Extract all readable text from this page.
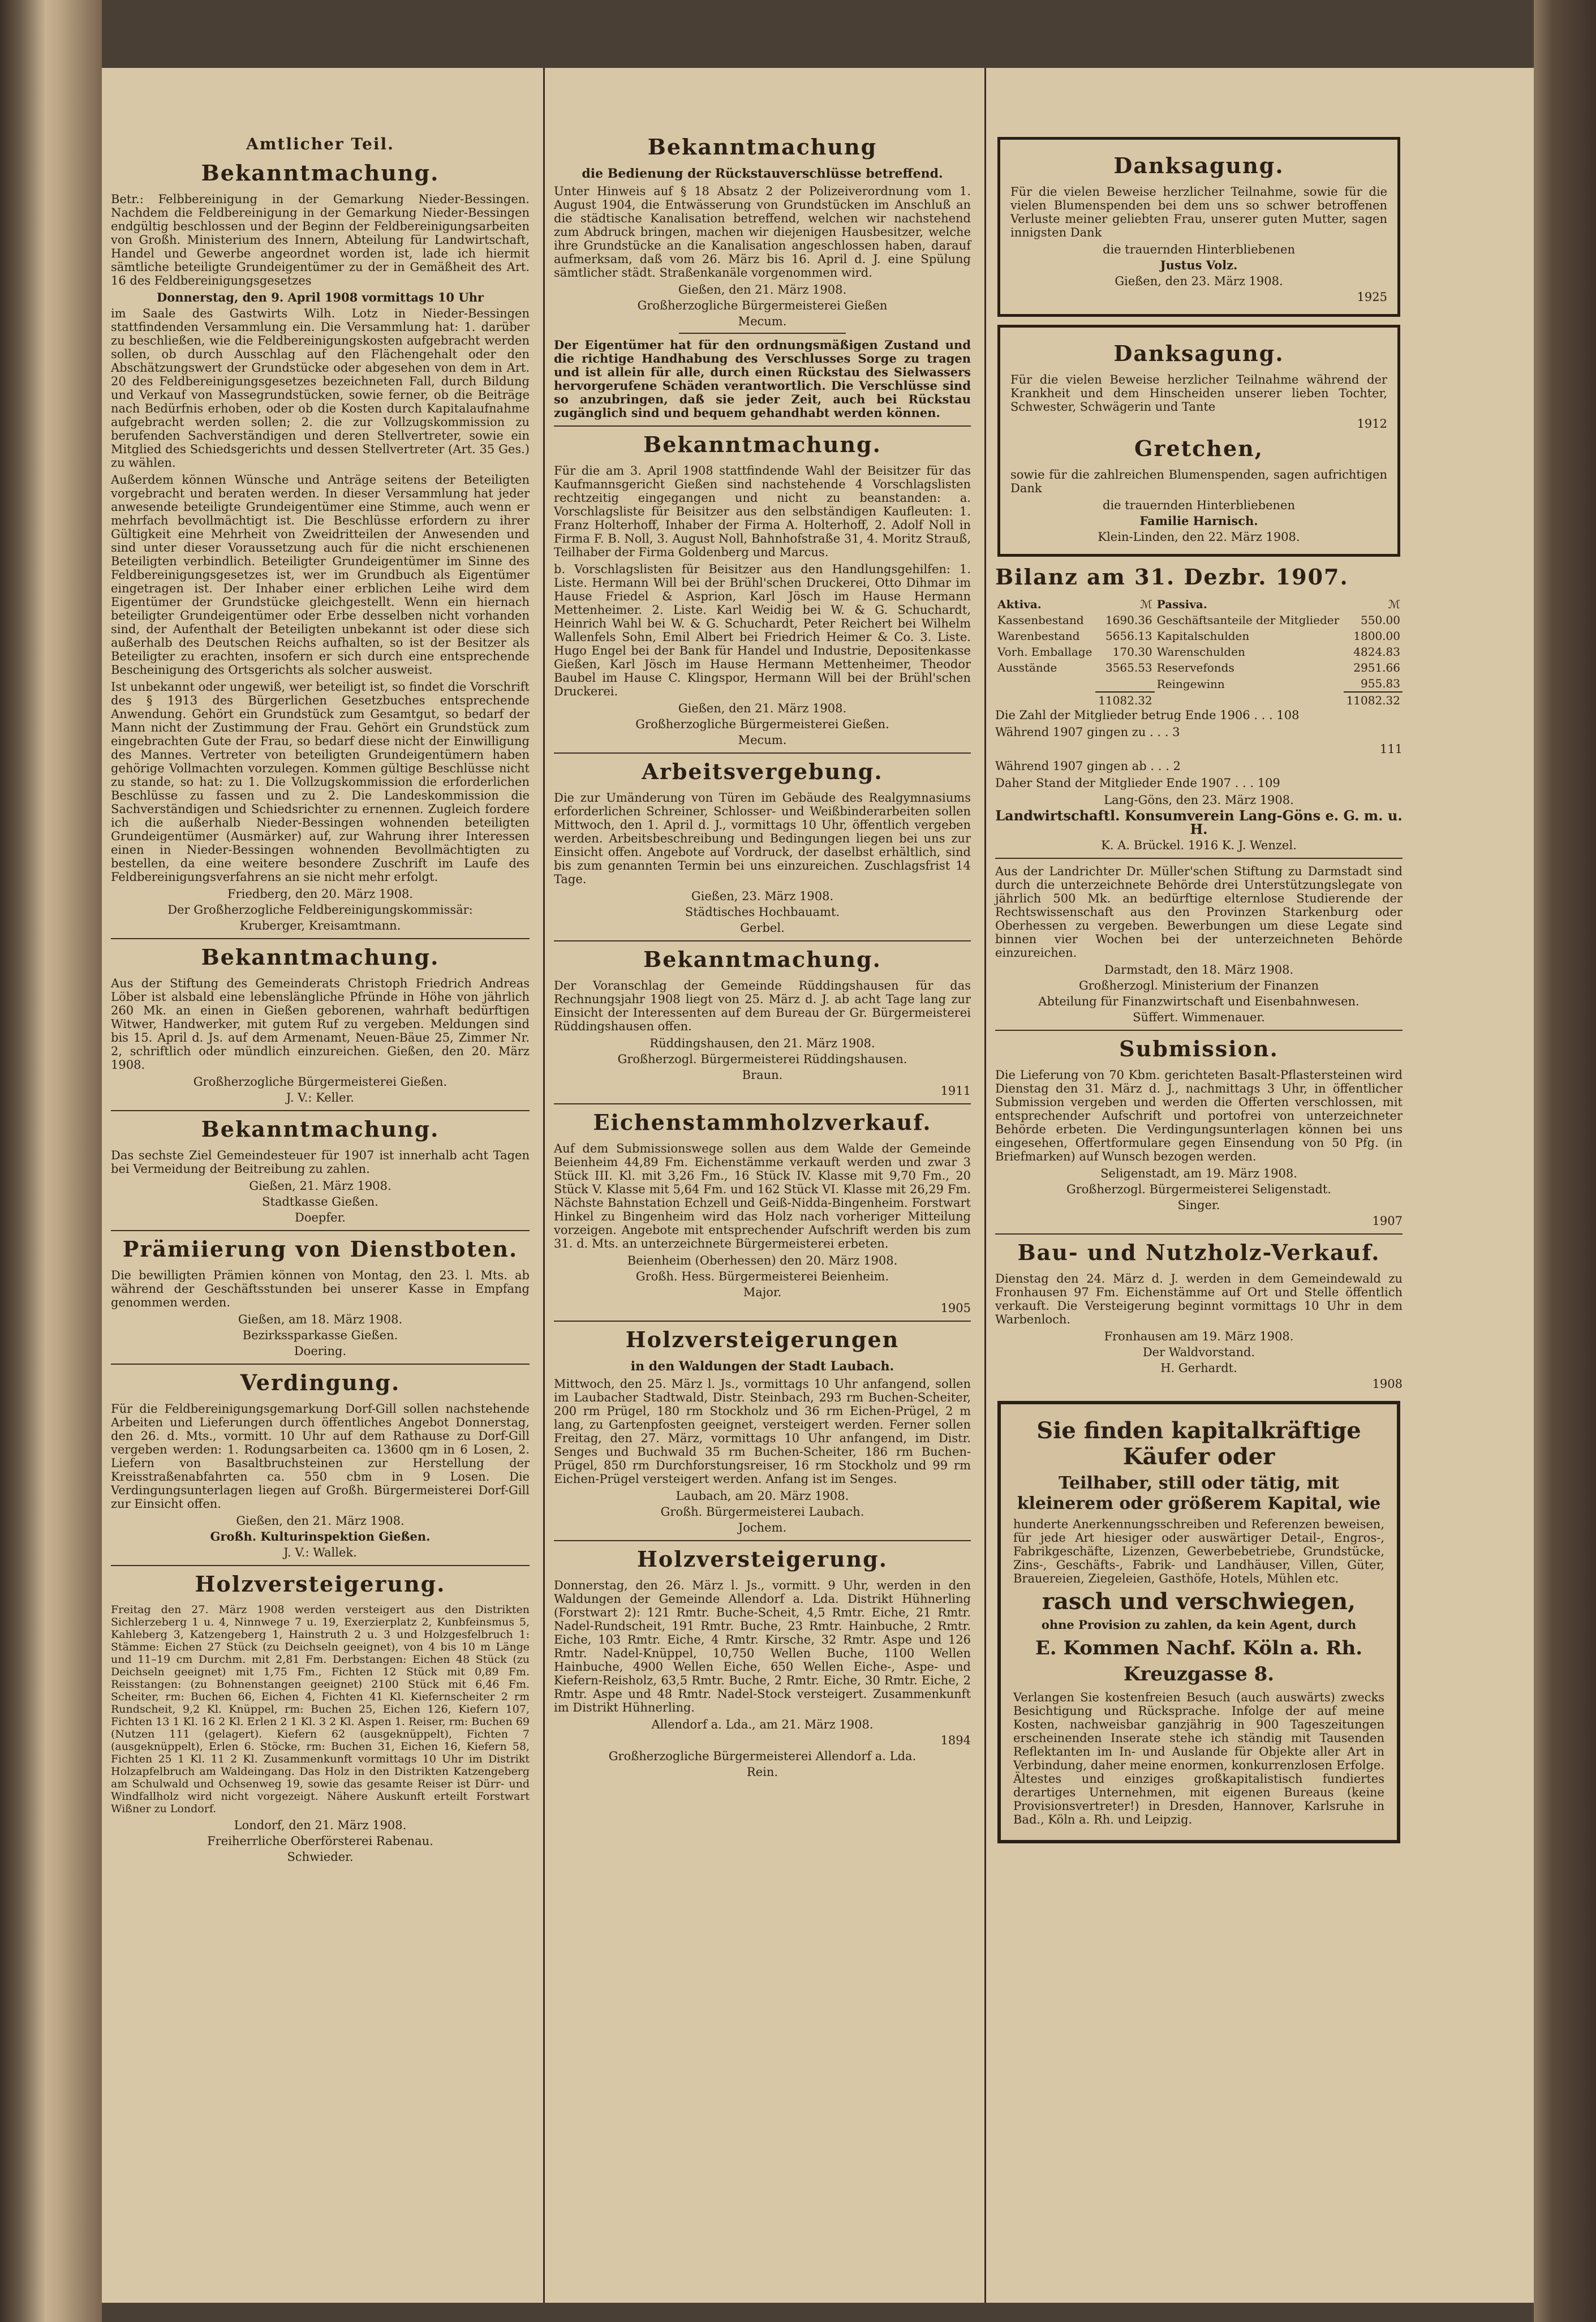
Amtlicher Teil.
Bekanntmachung.

Betr.: Felbbereinigung in der Gemarkung Nieder-Bessingen. Nachdem die Feldbereinigung in der Gemarkung Nieder-Bessingen endgültig beschlossen und der Beginn der Feldbereinigungsarbeiten von Großh. Ministerium des Innern, Abteilung für Landwirtschaft, Handel und Gewerbe angeordnet worden ist, lade ich hiermit sämtliche beteiligte Grundeigentümer zu der in Gemäßheit des Art. 16 des Feldbereinigungsgesetzes

Donnerstag, den 9. April 1908 vormittags 10 Uhr

im Saale des Gastwirts Wilh. Lotz in Nieder-Bessingen stattfindenden Versammlung ein. Die Versammlung hat: 1. darüber zu beschließen, wie die Feldbereinigungskosten aufgebracht werden sollen, ob durch Ausschlag auf den Flächengehalt oder den Abschätzungswert der Grundstücke oder abgesehen von dem in Art. 20 des Feldbereinigungsgesetzes bezeichneten Fall, durch Bildung und Verkauf von Massegrundstücken, sowie ferner, ob die Beiträge nach Bedürfnis erhoben, oder ob die Kosten durch Kapitalaufnahme aufgebracht werden sollen; 2. die zur Vollzugskommission zu berufenden Sachverständigen und deren Stellvertreter, sowie ein Mitglied des Schiedsgerichts und dessen Stellvertreter (Art. 35 Ges.) zu wählen.

Außerdem können Wünsche und Anträge seitens der Beteiligten vorgebracht und beraten werden. In dieser Versammlung hat jeder anwesende beteiligte Grundeigentümer eine Stimme, auch wenn er mehrfach bevollmächtigt ist. Die Beschlüsse erfordern zu ihrer Gültigkeit eine Mehrheit von Zweidritteilen der Anwesenden und sind unter dieser Voraussetzung auch für die nicht erschienenen Beteiligten verbindlich. Beteiligter Grundeigentümer im Sinne des Feldbereinigungsgesetzes ist, wer im Grundbuch als Eigentümer eingetragen ist. Der Inhaber einer erblichen Leihe wird dem Eigentümer der Grundstücke gleichgestellt. Wenn ein hiernach beteiligter Grundeigentümer oder Erbe desselben nicht vorhanden sind, der Aufenthalt der Beteiligten unbekannt ist oder diese sich außerhalb des Deutschen Reichs aufhalten, so ist der Besitzer als Beteiligter zu erachten, insofern er sich durch eine entsprechende Bescheinigung des Ortsgerichts als solcher ausweist.

Ist unbekannt oder ungewiß, wer beteiligt ist, so findet die Vorschrift des § 1913 des Bürgerlichen Gesetzbuches entsprechende Anwendung. Gehört ein Grundstück zum Gesamtgut, so bedarf der Mann nicht der Zustimmung der Frau. Gehört ein Grundstück zum eingebrachten Gute der Frau, so bedarf diese nicht der Einwilligung des Mannes. Vertreter von beteiligten Grundeigentümern haben gehörige Vollmachten vorzulegen. Kommen gültige Beschlüsse nicht zu stande, so hat: zu 1. Die Vollzugskommission die erforderlichen Beschlüsse zu fassen und zu 2. Die Landeskommission die Sachverständigen und Schiedsrichter zu ernennen. Zugleich fordere ich die außerhalb Nieder-Bessingen wohnenden beteiligten Grundeigentümer (Ausmärker) auf, zur Wahrung ihrer Interessen einen in Nieder-Bessingen wohnenden Bevollmächtigten zu bestellen, da eine weitere besondere Zuschrift im Laufe des Feldbereinigungsverfahrens an sie nicht mehr erfolgt.

Friedberg, den 20. März 1908.
Der Großherzogliche Feldbereinigungskommissär:
Kruberger, Kreisamtmann.
Bekanntmachung.

Aus der Stiftung des Gemeinderats Christoph Friedrich Andreas Löber ist alsbald eine lebenslängliche Pfründe in Höhe von jährlich 260 Mk. an einen in Gießen geborenen, wahrhaft bedürftigen Witwer, Handwerker, mit gutem Ruf zu vergeben. Meldungen sind bis 15. April d. Js. auf dem Armenamt, Neuen-Bäue 25, Zimmer Nr. 2, schriftlich oder mündlich einzureichen. Gießen, den 20. März 1908.

Großherzogliche Bürgermeisterei Gießen.
J. V.: Keller.
Bekanntmachung.

Das sechste Ziel Gemeindesteuer für 1907 ist innerhalb acht Tagen bei Vermeidung der Beitreibung zu zahlen.

Gießen, 21. März 1908.
Stadtkasse Gießen.
Doepfer.
Prämiierung von Dienstboten.

Die bewilligten Prämien können von Montag, den 23. l. Mts. ab während der Geschäftsstunden bei unserer Kasse in Empfang genommen werden.

Gießen, am 18. März 1908.
Bezirkssparkasse Gießen.
Doering.
Verdingung.

Für die Feldbereinigungsgemarkung Dorf-Gill sollen nachstehende Arbeiten und Lieferungen durch öffentliches Angebot Donnerstag, den 26. d. Mts., vormitt. 10 Uhr auf dem Rathause zu Dorf-Gill vergeben werden: 1. Rodungsarbeiten ca. 13600 qm in 6 Losen, 2. Liefern von Basaltbruchsteinen zur Herstellung der Kreisstraßenabfahrten ca. 550 cbm in 9 Losen. Die Verdingungsunterlagen liegen auf Großh. Bürgermeisterei Dorf-Gill zur Einsicht offen.

Gießen, den 21. März 1908.
Großh. Kulturinspektion Gießen.
J. V.: Wallek.
Holzversteigerung.

Freitag den 27. März 1908 werden versteigert aus den Distrikten Sichlerzeberg 1 u. 4, Ninnwege 7 u. 19, Exerzierplatz 2, Kunbfeinsmus 5, Kahleberg 3, Katzengeberg 1, Hainstruth 2 u. 3 und Holzgesfelbruch 1: Stämme: Eichen 27 Stück (zu Deichseln geeignet), von 4 bis 10 m Länge und 11–19 cm Durchm. mit 2,81 Fm. Derbstangen: Eichen 48 Stück (zu Deichseln geeignet) mit 1,75 Fm., Fichten 12 Stück mit 0,89 Fm. Reisstangen: (zu Bohnenstangen geeignet) 2100 Stück mit 6,46 Fm. Scheiter, rm: Buchen 66, Eichen 4, Fichten 41 Kl. Kiefernscheiter 2 rm Rundscheit, 9,2 Kl. Knüppel, rm: Buchen 25, Eichen 126, Kiefern 107, Fichten 13 1 Kl. 16 2 Kl. Erlen 2 1 Kl. 3 2 Kl. Aspen 1. Reiser, rm: Buchen 69 (Nutzen 111 (gelagert). Kiefern 62 (ausgeknüppelt), Fichten 7 (ausgeknüppelt), Erlen 6. Stöcke, rm: Buchen 31, Eichen 16, Kiefern 58, Fichten 25 1 Kl. 11 2 Kl. Zusammenkunft vormittags 10 Uhr im Distrikt Holzapfelbruch am Waldeingang. Das Holz in den Distrikten Katzengeberg am Schulwald und Ochsenweg 19, sowie das gesamte Reiser ist Dürr- und Windfallholz wird nicht vorgezeigt. Nähere Auskunft erteilt Forstwart Wißner zu Londorf.

Londorf, den 21. März 1908.
Freiherrliche Oberförsterei Rabenau.
Schwieder.
Bekanntmachung
die Bedienung der Rückstauverschlüsse betreffend.

Unter Hinweis auf § 18 Absatz 2 der Polizeiverordnung vom 1. August 1904, die Entwässerung von Grundstücken im Anschluß an die städtische Kanalisation betreffend, welchen wir nachstehend zum Abdruck bringen, machen wir diejenigen Hausbesitzer, welche ihre Grundstücke an die Kanalisation angeschlossen haben, darauf aufmerksam, daß vom 26. März bis 16. April d. J. eine Spülung sämtlicher städt. Straßenkanäle vorgenommen wird.

Gießen, den 21. März 1908.
Großherzogliche Bürgermeisterei Gießen
Mecum.

Der Eigentümer hat für den ordnungsmäßigen Zustand und die richtige Handhabung des Verschlusses Sorge zu tragen und ist allein für alle, durch einen Rückstau des Sielwassers hervorgerufene Schäden verantwortlich. Die Verschlüsse sind so anzubringen, daß sie jeder Zeit, auch bei Rückstau zugänglich sind und bequem gehandhabt werden können.

Bekanntmachung.

Für die am 3. April 1908 stattfindende Wahl der Beisitzer für das Kaufmannsgericht Gießen sind nachstehende 4 Vorschlagslisten rechtzeitig eingegangen und nicht zu beanstanden: a. Vorschlagsliste für Beisitzer aus den selbständigen Kaufleuten: 1. Franz Holterhoff, Inhaber der Firma A. Holterhoff, 2. Adolf Noll in Firma F. B. Noll, 3. August Noll, Bahnhofstraße 31, 4. Moritz Strauß, Teilhaber der Firma Goldenberg und Marcus.

b. Vorschlagslisten für Beisitzer aus den Handlungsgehilfen: 1. Liste. Hermann Will bei der Brühl'schen Druckerei, Otto Dihmar im Hause Friedel & Asprion, Karl Jösch im Hause Hermann Mettenheimer. 2. Liste. Karl Weidig bei W. & G. Schuchardt, Heinrich Wahl bei W. & G. Schuchardt, Peter Reichert bei Wilhelm Wallenfels Sohn, Emil Albert bei Friedrich Heimer & Co. 3. Liste. Hugo Engel bei der Bank für Handel und Industrie, Depositenkasse Gießen, Karl Jösch im Hause Hermann Mettenheimer, Theodor Baubel im Hause C. Klingspor, Hermann Will bei der Brühl'schen Druckerei.

Gießen, den 21. März 1908.
Großherzogliche Bürgermeisterei Gießen.
Mecum.
Arbeitsvergebung.

Die zur Umänderung von Türen im Gebäude des Realgymnasiums erforderlichen Schreiner, Schlosser- und Weißbinderarbeiten sollen Mittwoch, den 1. April d. J., vormittags 10 Uhr, öffentlich vergeben werden. Arbeitsbeschreibung und Bedingungen liegen bei uns zur Einsicht offen. Angebote auf Vordruck, der daselbst erhältlich, sind bis zum genannten Termin bei uns einzureichen. Zuschlagsfrist 14 Tage.

Gießen, 23. März 1908.
Städtisches Hochbauamt.
Gerbel.
Bekanntmachung.

Der Voranschlag der Gemeinde Rüddingshausen für das Rechnungsjahr 1908 liegt von 25. März d. J. ab acht Tage lang zur Einsicht der Interessenten auf dem Bureau der Gr. Bürgermeisterei Rüddingshausen offen.

Rüddingshausen, den 21. März 1908.
Großherzogl. Bürgermeisterei Rüddingshausen.
Braun.
1911
Eichenstammholzverkauf.

Auf dem Submissionswege sollen aus dem Walde der Gemeinde Beienheim 44,89 Fm. Eichenstämme verkauft werden und zwar 3 Stück III. Kl. mit 3,26 Fm., 16 Stück IV. Klasse mit 9,70 Fm., 20 Stück V. Klasse mit 5,64 Fm. und 162 Stück VI. Klasse mit 26,29 Fm. Nächste Bahnstation Echzell und Geiß-Nidda-Bingenheim. Forstwart Hinkel zu Bingenheim wird das Holz nach vorheriger Mitteilung vorzeigen. Angebote mit entsprechender Aufschrift werden bis zum 31. d. Mts. an unterzeichnete Bürgermeisterei erbeten.

Beienheim (Oberhessen) den 20. März 1908.
Großh. Hess. Bürgermeisterei Beienheim.
Major.
1905
Holzversteigerungen
in den Waldungen der Stadt Laubach.

Mittwoch, den 25. März l. Js., vormittags 10 Uhr anfangend, sollen im Laubacher Stadtwald, Distr. Steinbach, 293 rm Buchen-Scheiter, 200 rm Prügel, 180 rm Stockholz und 36 rm Eichen-Prügel, 2 m lang, zu Gartenpfosten geeignet, versteigert werden. Ferner sollen Freitag, den 27. März, vormittags 10 Uhr anfangend, im Distr. Senges und Buchwald 35 rm Buchen-Scheiter, 186 rm Buchen-Prügel, 850 rm Durchforstungsreiser, 16 rm Stockholz und 99 rm Eichen-Prügel versteigert werden. Anfang ist im Senges.

Laubach, am 20. März 1908.
Großh. Bürgermeisterei Laubach.
Jochem.
Holzversteigerung.

Donnerstag, den 26. März l. Js., vormitt. 9 Uhr, werden in den Waldungen der Gemeinde Allendorf a. Lda. Distrikt Hühnerling (Forstwart 2): 121 Rmtr. Buche-Scheit, 4,5 Rmtr. Eiche, 21 Rmtr. Nadel-Rundscheit, 191 Rmtr. Buche, 23 Rmtr. Hainbuche, 2 Rmtr. Eiche, 103 Rmtr. Eiche, 4 Rmtr. Kirsche, 32 Rmtr. Aspe und 126 Rmtr. Nadel-Knüppel, 10,750 Wellen Buche, 1100 Wellen Hainbuche, 4900 Wellen Eiche, 650 Wellen Eiche-, Aspe- und Kiefern-Reisholz, 63,5 Rmtr. Buche, 2 Rmtr. Eiche, 30 Rmtr. Eiche, 2 Rmtr. Aspe und 48 Rmtr. Nadel-Stock versteigert. Zusammenkunft im Distrikt Hühnerling.

Allendorf a. Lda., am 21. März 1908.
1894
Großherzogliche Bürgermeisterei Allendorf a. Lda.
Rein.
Danksagung.

Für die vielen Beweise herzlicher Teilnahme, sowie für die vielen Blumenspenden bei dem uns so schwer betroffenen Verluste meiner geliebten Frau, unserer guten Mutter, sagen innigsten Dank

die trauernden Hinterbliebenen
Justus Volz.
Gießen, den 23. März 1908.
1925
Danksagung.

Für die vielen Beweise herzlicher Teilnahme während der Krankheit und dem Hinscheiden unserer lieben Tochter, Schwester, Schwägerin und Tante

1912
Gretchen,

sowie für die zahlreichen Blumenspenden, sagen aufrichtigen Dank

die trauernden Hinterbliebenen
Familie Harnisch.
Klein-Linden, den 22. März 1908.
Bilanz am 31. Dezbr. 1907.
Aktiva.	ℳ	Passiva.	ℳ
Kassenbestand	1690.36	Geschäftsanteile der Mitglieder	550.00
Warenbestand	5656.13	Kapitalschulden	1800.00
Vorh. Emballage	170.30	Warenschulden	4824.83
Ausstände	3565.53	Reservefonds	2951.66
		Reingewinn	955.83
	11082.32		11082.32

Die Zahl der Mitglieder betrug Ende 1906 . . . 108

Während 1907 gingen zu . . . 3

111

Während 1907 gingen ab . . . 2

Daher Stand der Mitglieder Ende 1907 . . . 109

Lang-Göns, den 23. März 1908.
Landwirtschaftl. Konsumverein Lang-Göns e. G. m. u. H.
K. A. Brückel. 1916 K. J. Wenzel.

Aus der Landrichter Dr. Müller'schen Stiftung zu Darmstadt sind durch die unterzeichnete Behörde drei Unterstützungslegate von jährlich 500 Mk. an bedürftige elternlose Studierende der Rechtswissenschaft aus den Provinzen Starkenburg oder Oberhessen zu vergeben. Bewerbungen um diese Legate sind binnen vier Wochen bei der unterzeichneten Behörde einzureichen.

Darmstadt, den 18. März 1908.
Großherzogl. Ministerium der Finanzen
Abteilung für Finanzwirtschaft und Eisenbahnwesen.
Süffert. Wimmenauer.
Submission.

Die Lieferung von 70 Kbm. gerichteten Basalt-Pflastersteinen wird Dienstag den 31. März d. J., nachmittags 3 Uhr, in öffentlicher Submission vergeben und werden die Offerten verschlossen, mit entsprechender Aufschrift und portofrei von unterzeichneter Behörde erbeten. Die Verdingungsunterlagen können bei uns eingesehen, Offertformulare gegen Einsendung von 50 Pfg. (in Briefmarken) auf Wunsch bezogen werden.

Seligenstadt, am 19. März 1908.
Großherzogl. Bürgermeisterei Seligenstadt.
Singer.
1907
Bau- und Nutzholz-Verkauf.

Dienstag den 24. März d. J. werden in dem Gemeindewald zu Fronhausen 97 Fm. Eichenstämme auf Ort und Stelle öffentlich verkauft. Die Versteigerung beginnt vormittags 10 Uhr in dem Warbenloch.

Fronhausen am 19. März 1908.
Der Waldvorstand.
H. Gerhardt.
1908
Sie finden kapitalkräftige Käufer oder
Teilhaber, still oder tätig, mit kleinerem oder größerem Kapital, wie

hunderte Anerkennungsschreiben und Referenzen beweisen, für jede Art hiesiger oder auswärtiger Detail-, Engros-, Fabrikgeschäfte, Lizenzen, Gewerbebetriebe, Grundstücke, Zins-, Geschäfts-, Fabrik- und Landhäuser, Villen, Güter, Brauereien, Ziegeleien, Gasthöfe, Hotels, Mühlen etc.

rasch und verschwiegen,
ohne Provision zu zahlen, da kein Agent, durch
E. Kommen Nachf. Köln a. Rh. Kreuzgasse 8.

Verlangen Sie kostenfreien Besuch (auch auswärts) zwecks Besichtigung und Rücksprache. Infolge der auf meine Kosten, nachweisbar ganzjährig in 900 Tageszeitungen erscheinenden Inserate stehe ich ständig mit Tausenden Reflektanten im In- und Auslande für Objekte aller Art in Verbindung, daher meine enormen, konkurrenzlosen Erfolge. Ältestes und einziges großkapitalistisch fundiertes derartiges Unternehmen, mit eigenen Bureaus (keine Provisionsvertreter!) in Dresden, Hannover, Karlsruhe in Bad., Köln a. Rh. und Leipzig.
